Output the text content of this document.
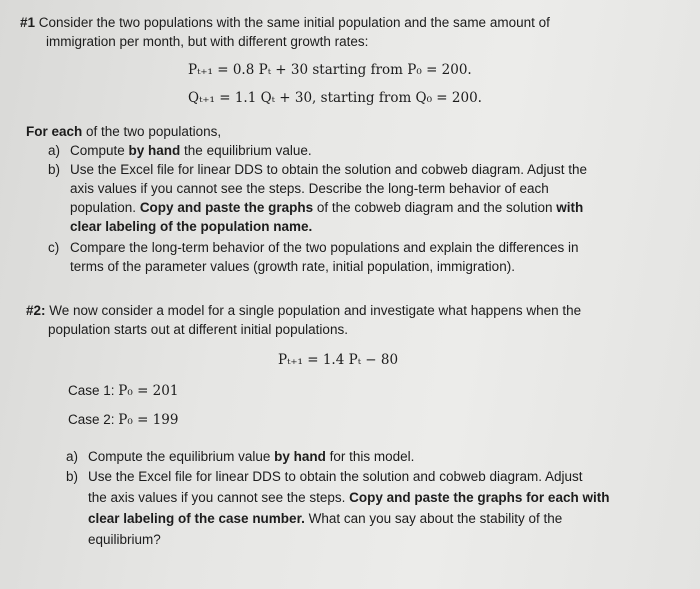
#1 Consider the two populations with the same initial population and the same amount of
immigration per month, but with different growth rates:
Pₜ₊₁ = 0.8 Pₜ + 30 starting from P₀ = 200.
Qₜ₊₁ = 1.1 Qₜ + 30, starting from Q₀ = 200.
For each of the two populations,
a) Compute by hand the equilibrium value.
b) Use the Excel file for linear DDS to obtain the solution and cobweb diagram. Adjust the
axis values if you cannot see the steps. Describe the long-term behavior of each
population. Copy and paste the graphs of the cobweb diagram and the solution with
clear labeling of the population name.
c) Compare the long-term behavior of the two populations and explain the differences in
terms of the parameter values (growth rate, initial population, immigration).
#2: We now consider a model for a single population and investigate what happens when the
population starts out at different initial populations.
Pₜ₊₁ = 1.4 Pₜ − 80
Case 1: P₀ = 201
Case 2: P₀ = 199
a) Compute the equilibrium value by hand for this model.
b) Use the Excel file for linear DDS to obtain the solution and cobweb diagram. Adjust
the axis values if you cannot see the steps. Copy and paste the graphs for each with
clear labeling of the case number. What can you say about the stability of the
equilibrium?
